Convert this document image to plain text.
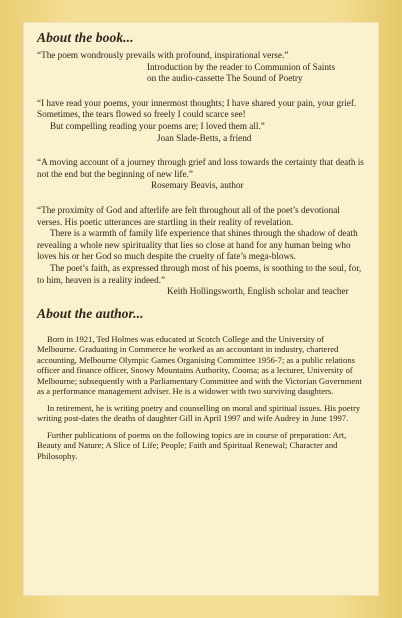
About the book...

“The poem wondrously prevails with profound, inspirational verse.”

Introduction by the reader to Communion of Saints

on the audio-cassette The Sound of Poetry

“I have read your poems, your innermost thoughts; I have shared your pain, your grief. Sometimes, the tears flowed so freely I could scarce see!

But compelling reading your poems are; I loved them all.”

Joan Slade-Betts, a friend

“A moving account of a journey through grief and loss towards the certainty that death is not the end but the beginning of new life.”

Rosemary Beavis, author

“The proximity of God and afterlife are felt throughout all of the poet’s devotional verses. His poetic utterances are startling in their reality of revelation.

There is a warmth of family life experience that shines through the shadow of death revealing a whole new spirituality that lies so close at hand for any human being who loves his or her God so much despite the cruelty of fate’s mega-blows.

The poet’s faith, as expressed through most of his poems, is soothing to the soul, for, to him, heaven is a reality indeed.”

Keith Hollingsworth, English scholar and teacher

About the author...

Born in 1921, Ted Holmes was educated at Scotch College and the University of Melbourne. Graduating in Commerce he worked as an accountant in industry, chartered accounting, Melbourne Olympic Games Organising Committee 1956-7; as a public relations officer and finance officer, Snowy Mountains Authority, Cooma; as a lecturer, University of Melbourne; subsequently with a Parliamentary Committee and with the Victorian Government as a performance management adviser. He is a widower with two surviving daughters.

In retirement, he is writing poetry and counselling on moral and spiritual issues. His poetry writing post-dates the deaths of daughter Gill in April 1997 and wife Audrey in June 1997.

Further publications of poems on the following topics are in course of preparation: Art, Beauty and Nature; A Slice of Life; People; Faith and Spiritual Renewal; Character and Philosophy.
